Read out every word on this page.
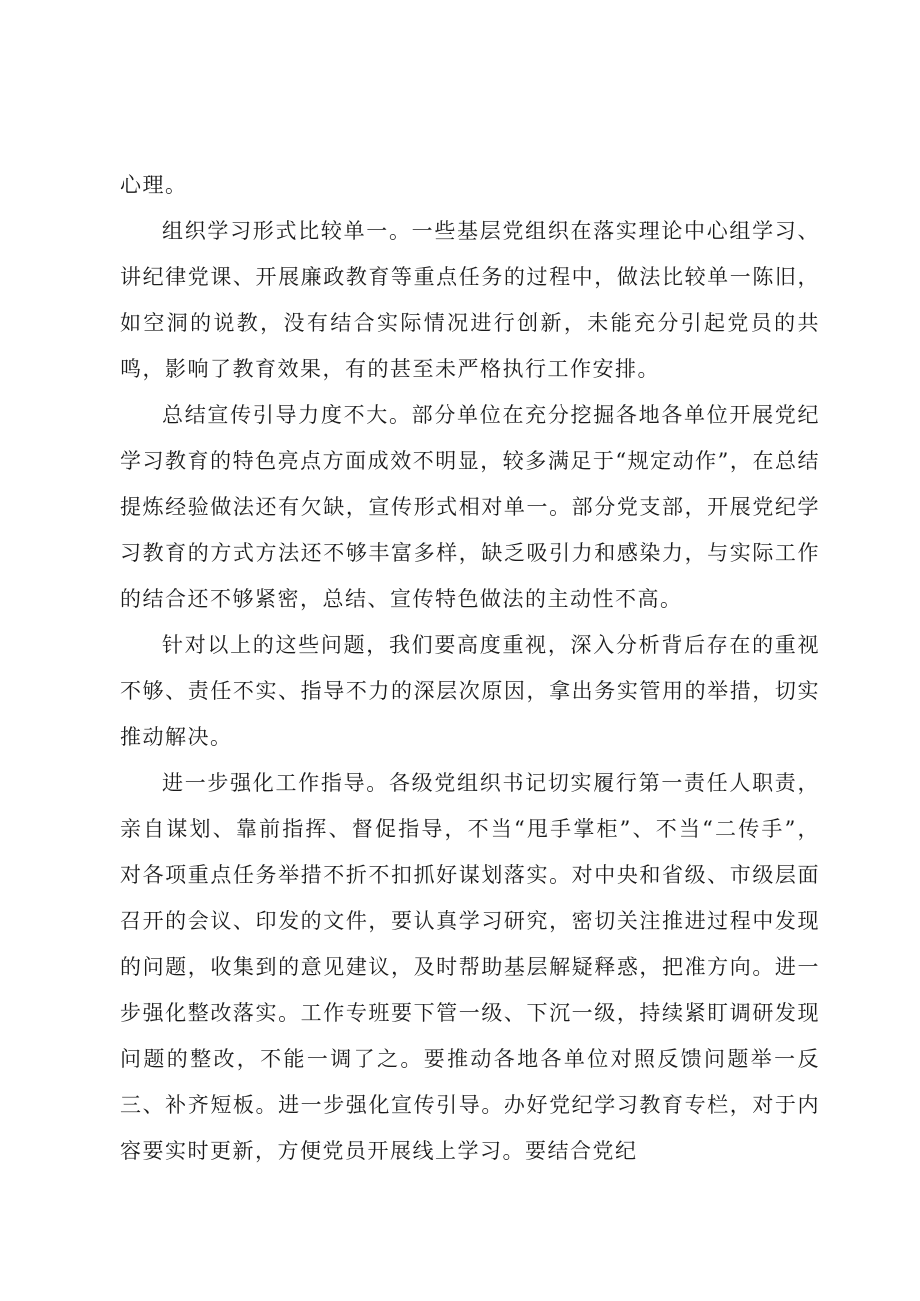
心理。

组织学习形式比较单一。一些基层党组织在落实理论中心组学习、讲纪律党课、开展廉政教育等重点任务的过程中，做法比较单一陈旧，如空洞的说教，没有结合实际情况进行创新，未能充分引起党员的共鸣，影响了教育效果，有的甚至未严格执行工作安排。

总结宣传引导力度不大。部分单位在充分挖掘各地各单位开展党纪学习教育的特色亮点方面成效不明显，较多满足于“规定动作”，在总结提炼经验做法还有欠缺，宣传形式相对单一。部分党支部，开展党纪学习教育的方式方法还不够丰富多样，缺乏吸引力和感染力，与实际工作的结合还不够紧密，总结、宣传特色做法的主动性不高。

针对以上的这些问题，我们要高度重视，深入分析背后存在的重视不够、责任不实、指导不力的深层次原因，拿出务实管用的举措，切实推动解决。

进一步强化工作指导。各级党组织书记切实履行第一责任人职责，亲自谋划、靠前指挥、督促指导，不当“甩手掌柜”、不当“二传手”，对各项重点任务举措不折不扣抓好谋划落实。对中央和省级、市级层面召开的会议、印发的文件，要认真学习研究，密切关注推进过程中发现的问题，收集到的意见建议，及时帮助基层解疑释惑，把准方向。进一步强化整改落实。工作专班要下管一级、下沉一级，持续紧盯调研发现问题的整改，不能一调了之。要推动各地各单位对照反馈问题举一反三、补齐短板。进一步强化宣传引导。办好党纪学习教育专栏，对于内容要实时更新，方便党员开展线上学习。要结合党纪
